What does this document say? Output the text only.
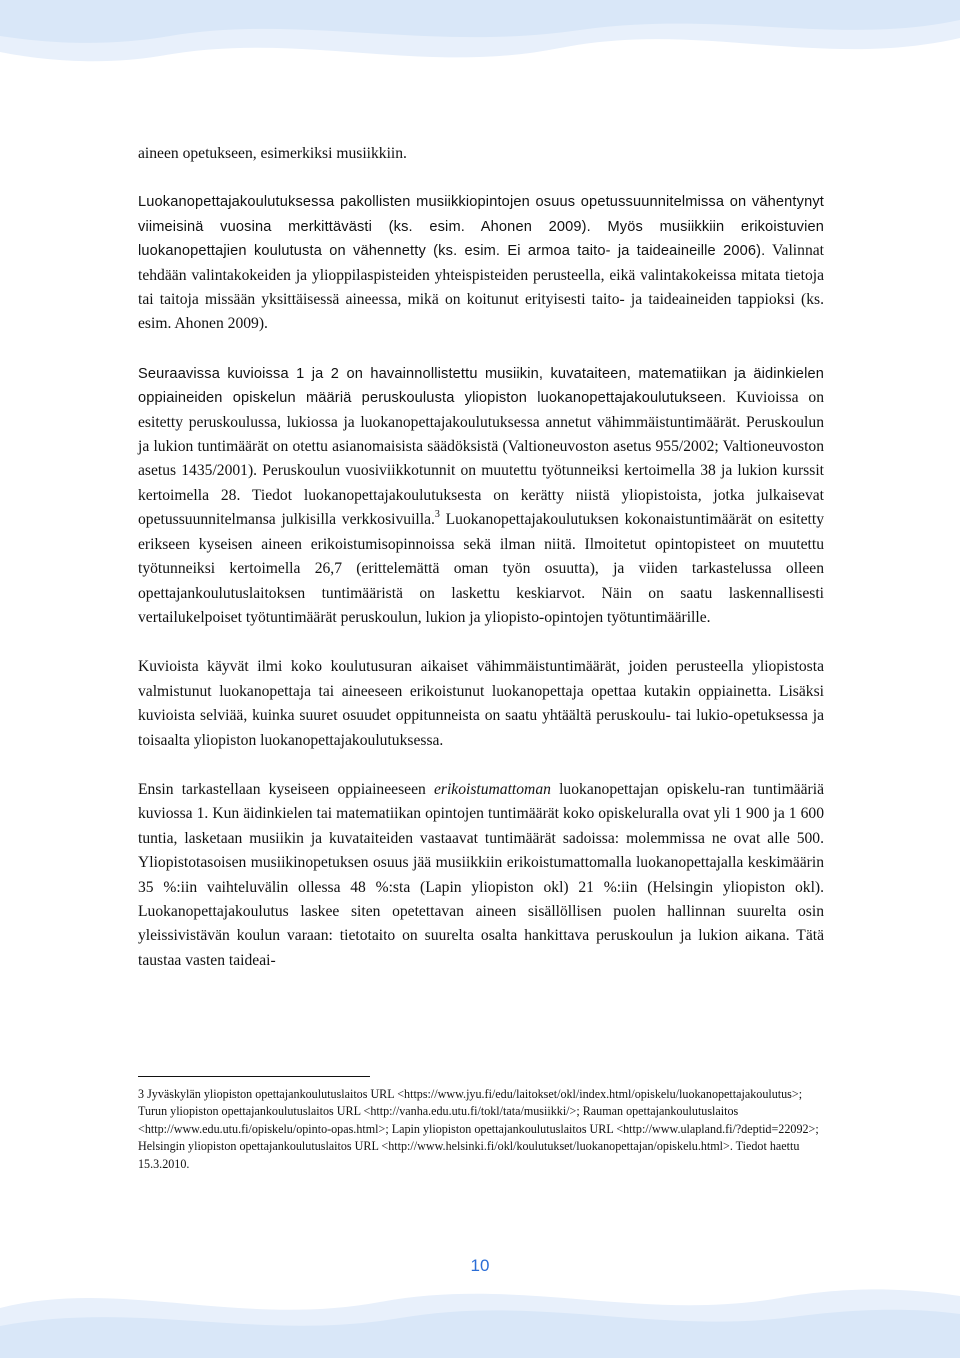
aineen opetukseen, esimerkiksi musiikkiin.

Luokanopettajakoulutuksessa pakollisten musiikkiopintojen osuus opetussuunnitelmissa on vähentynyt viimeisinä vuosina merkittävästi (ks. esim. Ahonen 2009). Myös musiikkiin erikoistuvien luokanopettajien koulutusta on vähennetty (ks. esim. Ei armoa taito- ja taideaineille 2006). Valinnat tehdään valintakokeiden ja ylioppilaspisteiden yhteispisteiden perusteella, eikä valintakokeissa mitata tietoja tai taitoja missään yksittäisessä aineessa, mikä on koitunut erityisesti taito- ja taideaineiden tappioksi (ks. esim. Ahonen 2009).

Seuraavissa kuvioissa 1 ja 2 on havainnollistettu musiikin, kuvataiteen, matematiikan ja äidinkielen oppiaineiden opiskelun määriä peruskoulusta yliopiston luokanopettajakoulutukseen. Kuvioissa on esitetty peruskoulussa, lukiossa ja luokanopettajakoulutuksessa annetut vähimmäistuntimäärät. Peruskoulun ja lukion tuntimäärät on otettu asianomaisista säädöksistä (Valtioneuvoston asetus 955/2002; Valtioneuvoston asetus 1435/2001). Peruskoulun vuosiviikkotunnit on muutettu työtunneiksi kertoimella 38 ja lukion kurssit kertoimella 28. Tiedot luokanopettajakoulutuksesta on kerätty niistä yliopistoista, jotka julkaisevat opetussuunnitelmansa julkisilla verkkosivuilla.$^3$ Luokanopettajakoulutuksen kokonaistuntimäärät on esitetty erikseen kyseisen aineen erikoistumisopinnoissa sekä ilman niitä. Ilmoitetut opintopisteet on muutettu työtunneiksi kertoimella 26,7 (erittelemättä oman työn osuutta), ja viiden tarkastelussa olleen opettajankoulutuslaitoksen tuntimääristä on laskettu keskiarvot. Näin on saatu laskennallisesti vertailukelpoiset työtuntimäärät peruskoulun, lukion ja yliopisto-opintojen työtuntimäärille.

Kuvioista käyvät ilmi koko koulutusuran aikaiset vähimmäistuntimäärät, joiden perusteella yliopistosta valmistunut luokanopettaja tai aineeseen erikoistunut luokanopettaja opettaa kutakin oppiainetta. Lisäksi kuvioista selviää, kuinka suuret osuudet oppitunneista on saatu yhtäältä peruskoulu- tai lukio-opetuksessa ja toisaalta yliopiston luokanopettajakoulutuksessa.

Ensin tarkastellaan kyseiseen oppiaineeseen erikoistumattoman luokanopettajan opiskelu-ran tuntimääriä kuviossa 1. Kun äidinkielen tai matematiikan opintojen tuntimäärät koko opiskeluralla ovat yli 1 900 ja 1 600 tuntia, lasketaan musiikin ja kuvataiteiden vastaavat tuntimäärät sadoissa: molemmissa ne ovat alle 500. Yliopistotasoisen musiikinopetuksen osuus jää musiikkiin erikoistumattomalla luokanopettajalla keskimäärin 35 %:iin vaihteluvälin ollessa 48 %:sta (Lapin yliopiston okl) 21 %:iin (Helsingin yliopiston okl). Luokanopettajakoulutus laskee siten opetettavan aineen sisällöllisen puolen hallinnan suurelta osin yleissivistävän koulun varaan: tietotaito on suurelta osalta hankittava peruskoulun ja lukion aikana. Tätä taustaa vasten taideai-

3 Jyväskylän yliopiston opettajankoulutuslaitos URL <https://www.jyu.fi/edu/laitokset/okl/index.html/opiskelu/luokanopettajakoulutus>; Turun yliopiston opettajankoulutuslaitos URL <http://vanha.edu.utu.fi/tokl/tata/musiikki/>; Rauman opettajankoulutuslaitos <http://www.edu.utu.fi/opiskelu/opinto-opas.html>; Lapin yliopiston opettajankoulutuslaitos URL <http://www.ulapland.fi/?deptid=22092>; Helsingin yliopiston opettajankoulutuslaitos URL <http://www.helsinki.fi/okl/koulutukset/luokanopettajan/opiskelu.html>. Tiedot haettu 15.3.2010.

10
